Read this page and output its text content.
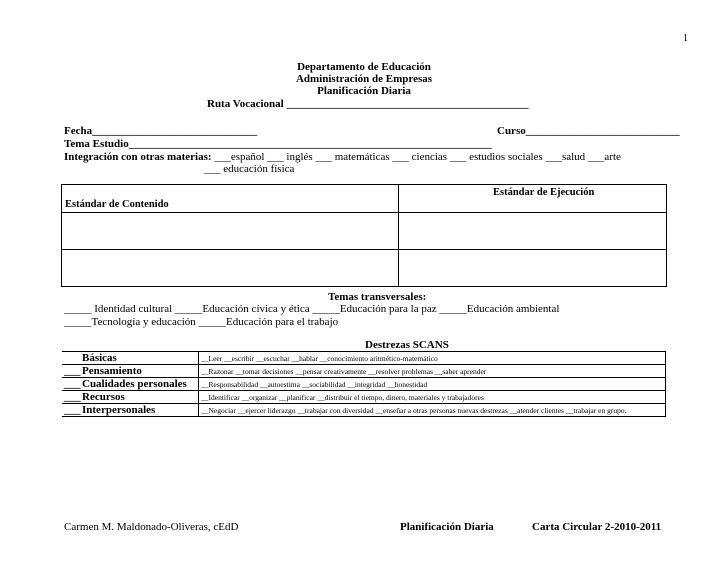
1
Departamento de Educación
Administración de Empresas
Planificación Diaria
Ruta Vocacional ____________________________________________
Fecha______________________________	Curso____________________________
Tema Estudio__________________________________________________________________
Integración con otras materias: ___español ___ inglés ___ matemáticas ___ ciencias ___ estudios sociales ___salud ___arte
___ educación física
Estándar de Contenido	Estándar de Ejecución

Temas transversales:
_____ Identidad cultural _____Educación cívica y ética _____Educación para la paz _____Educación ambiental
_____Tecnología y educación _____Educación para el trabajo
Destrezas SCANS
Básicas	__Leer __escribir __escuchar __hablar __conocimiento aritmético-matemático
___ Pensamiento	__Razonar __tomar decisiones __pensar creativamente __resolver problemas __saber aprender
___ Cualidades personales	__Responsabilidad __autoestima __sociabilidad __integridad __honestidad
___ Recursos	__Identificar __organizar __planificar __distribuir el tiempo, dinero, materiales y trabajadores
___ Interpersonales	__Negociar __ejercer liderazgo __trabajar con diversidad __enseñar a otras personas nuevas destrezas __atender clientes __trabajar en grupo.
Carmen M. Maldonado-Oliveras, cEdD	Planificación Diaria	Carta Circular 2-2010-2011
